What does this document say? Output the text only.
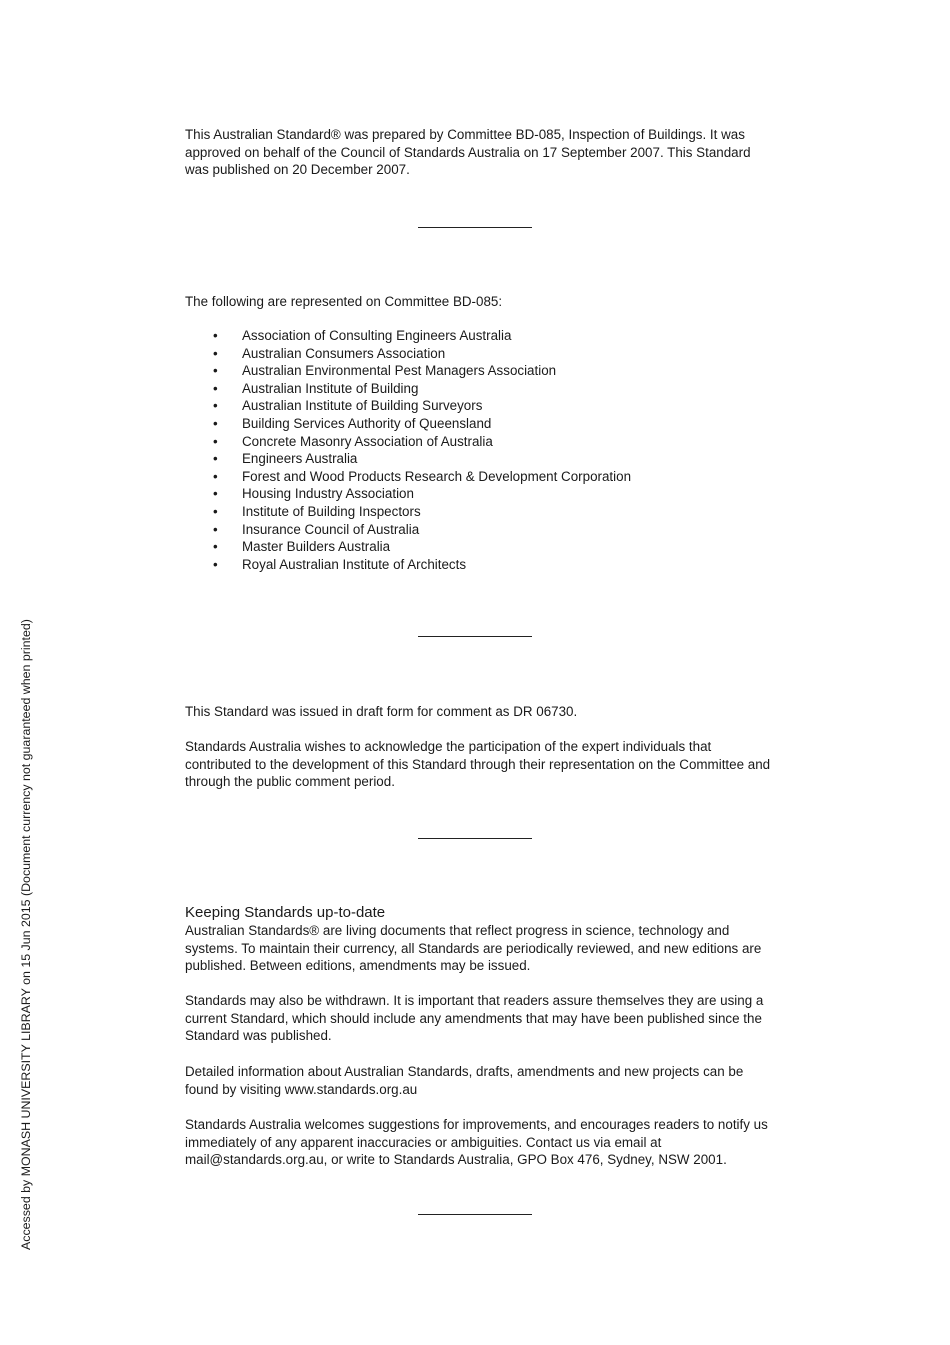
This Australian Standard® was prepared by Committee BD-085, Inspection of Buildings. It was approved on behalf of the Council of Standards Australia on 17 September 2007. This Standard was published on 20 December 2007.

The following are represented on Committee BD-085:

• Association of Consulting Engineers Australia
• Australian Consumers Association
• Australian Environmental Pest Managers Association
• Australian Institute of Building
• Australian Institute of Building Surveyors
• Building Services Authority of Queensland
• Concrete Masonry Association of Australia
• Engineers Australia
• Forest and Wood Products Research & Development Corporation
• Housing Industry Association
• Institute of Building Inspectors
• Insurance Council of Australia
• Master Builders Australia
• Royal Australian Institute of Architects

This Standard was issued in draft form for comment as DR 06730.

Standards Australia wishes to acknowledge the participation of the expert individuals that contributed to the development of this Standard through their representation on the Committee and through the public comment period.

Keeping Standards up-to-date

Australian Standards® are living documents that reflect progress in science, technology and systems. To maintain their currency, all Standards are periodically reviewed, and new editions are published. Between editions, amendments may be issued.

Standards may also be withdrawn. It is important that readers assure themselves they are using a current Standard, which should include any amendments that may have been published since the Standard was published.

Detailed information about Australian Standards, drafts, amendments and new projects can be found by visiting www.standards.org.au

Standards Australia welcomes suggestions for improvements, and encourages readers to notify us immediately of any apparent inaccuracies or ambiguities. Contact us via email at mail@standards.org.au, or write to Standards Australia, GPO Box 476, Sydney, NSW 2001.

Accessed by MONASH UNIVERSITY LIBRARY on 15 Jun 2015 (Document currency not guaranteed when printed)
